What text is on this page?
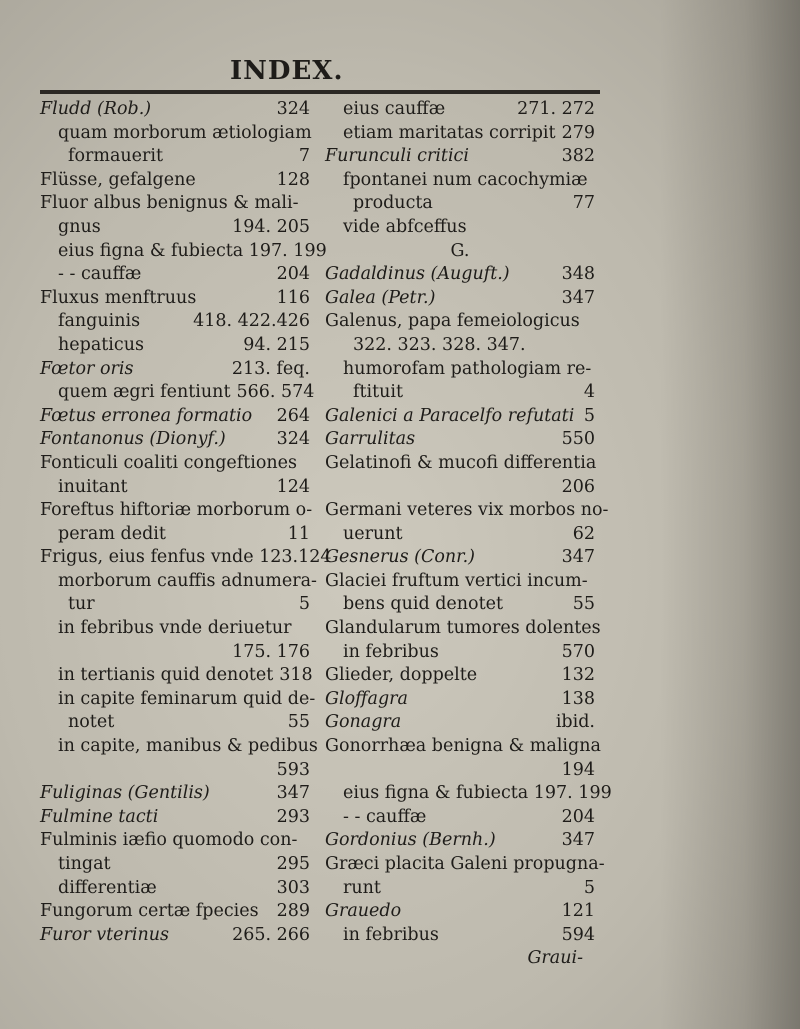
INDEX.
Fludd (Rob.)	324
quam morborum ætiologiam
formauerit	7
Flüsse, gefalgene	128
Fluor albus benignus & mali-
gnus	194. 205
eius figna & fubiecta 197. 199
- - cauffæ	204
Fluxus menftruus	116
fanguinis	418. 422.426
hepaticus	94. 215
Fœtor oris	213. feq.
quem ægri fentiunt 566. 574
Fœtus erronea formatio	264
Fontanonus (Dionyf.)	324
Fonticuli coaliti congeftiones
inuitant	124
Foreftus hiftoriæ morborum o-
peram dedit	11
Frigus, eius fenfus vnde 123.124
morborum cauffis adnumera-
tur	5
in febribus vnde deriuetur
175. 176
in tertianis quid denotet 318
in capite feminarum quid de-
notet	55
in capite, manibus & pedibus
593
Fuliginas (Gentilis)	347
Fulmine tacti	293
Fulminis iæfio quomodo con-
tingat	295
differentiæ	303
Fungorum certæ fpecies	289
Furor vterinus	265. 266
eius cauffæ	271. 272
etiam maritatas corripit 279
Furunculi critici	382
fpontanei num cacochymiæ
producta	77
vide abfceffus
G.
Gadaldinus (Auguft.)	348
Galea (Petr.)	347
Galenus, papa femeiologicus
322. 323. 328. 347.
humorofam pathologiam re-
ftituit	4
Galenici a Paracelfo refutati 5
Garrulitas	550
Gelatinofi & mucofi differentia
206
Germani veteres vix morbos no-
uerunt	62
Gesnerus (Conr.)	347
Glaciei fruftum vertici incum-
bens quid denotet	55
Glandularum tumores dolentes
in febribus	570
Glieder, doppelte	132
Gloffagra	138
Gonagra	ibid.
Gonorrhæa benigna & maligna
194
eius figna & fubiecta 197. 199
- - cauffæ	204
Gordonius (Bernh.)	347
Græci placita Galeni propugna-
runt	5
Grauedo	121
in febribus	594
Graui-
